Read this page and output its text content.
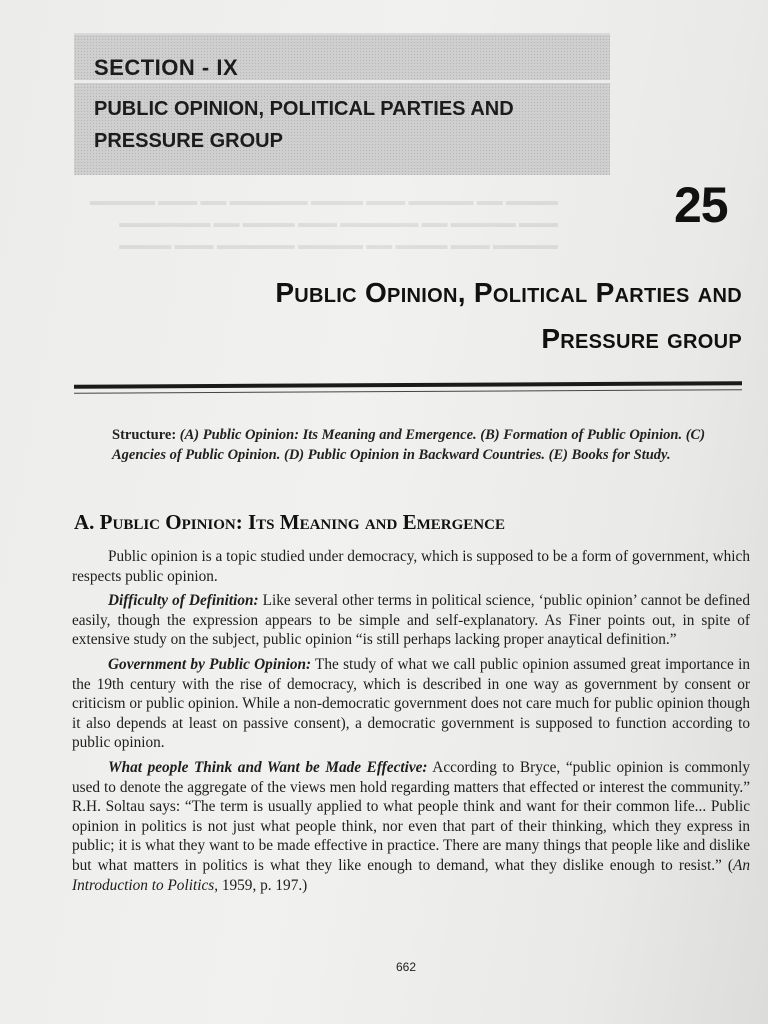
▬▬▬▬ ▬▬ ▬▬▬▬▬ ▬▬▬ ▬▬▬▬ ▬▬▬▬▬▬ ▬▬ ▬▬▬ ▬▬▬▬▬
▬▬▬ ▬▬▬▬▬ ▬▬ ▬▬▬▬▬▬ ▬▬▬ ▬▬▬▬ ▬▬ ▬▬▬▬▬▬▬
▬▬▬▬▬ ▬▬▬ ▬▬▬▬ ▬▬ ▬▬▬▬▬ ▬▬▬▬▬▬ ▬▬▬ ▬▬▬▬
SECTION - IX
PUBLIC OPINION, POLITICAL PARTIES AND PRESSURE GROUP
25
Public Opinion, Political Parties and
Pressure group
Structure: (A) Public Opinion: Its Meaning and Emergence. (B) Formation of Public Opinion. (C) Agencies of Public Opinion. (D) Public Opinion in Backward Countries. (E) Books for Study.
A. Public Opinion: Its Meaning and Emergence

Public opinion is a topic studied under democracy, which is supposed to be a form of government, which respects public opinion.

Difficulty of Definition: Like several other terms in political science, ‘public opinion’ cannot be defined easily, though the expression appears to be simple and self-explanatory. As Finer points out, in spite of extensive study on the subject, public opinion “is still perhaps lacking proper anaytical definition.”

Government by Public Opinion: The study of what we call public opinion assumed great importance in the 19th century with the rise of democracy, which is described in one way as government by consent or criticism or public opinion. While a non-democratic government does not care much for public opinion though it also depends at least on passive consent), a democratic government is supposed to function according to public opinion.

What people Think and Want be Made Effective: According to Bryce, “public opinion is commonly used to denote the aggregate of the views men hold regarding matters that effected or interest the community.” R.H. Soltau says: “The term is usually applied to what people think and want for their common life... Public opinion in politics is not just what people think, nor even that part of their thinking, which they express in public; it is what they want to be made effective in practice. There are many things that people like and dislike but what matters in politics is what they like enough to demand, what they dislike enough to resist.” (An Introduction to Politics, 1959, p. 197.)

662
